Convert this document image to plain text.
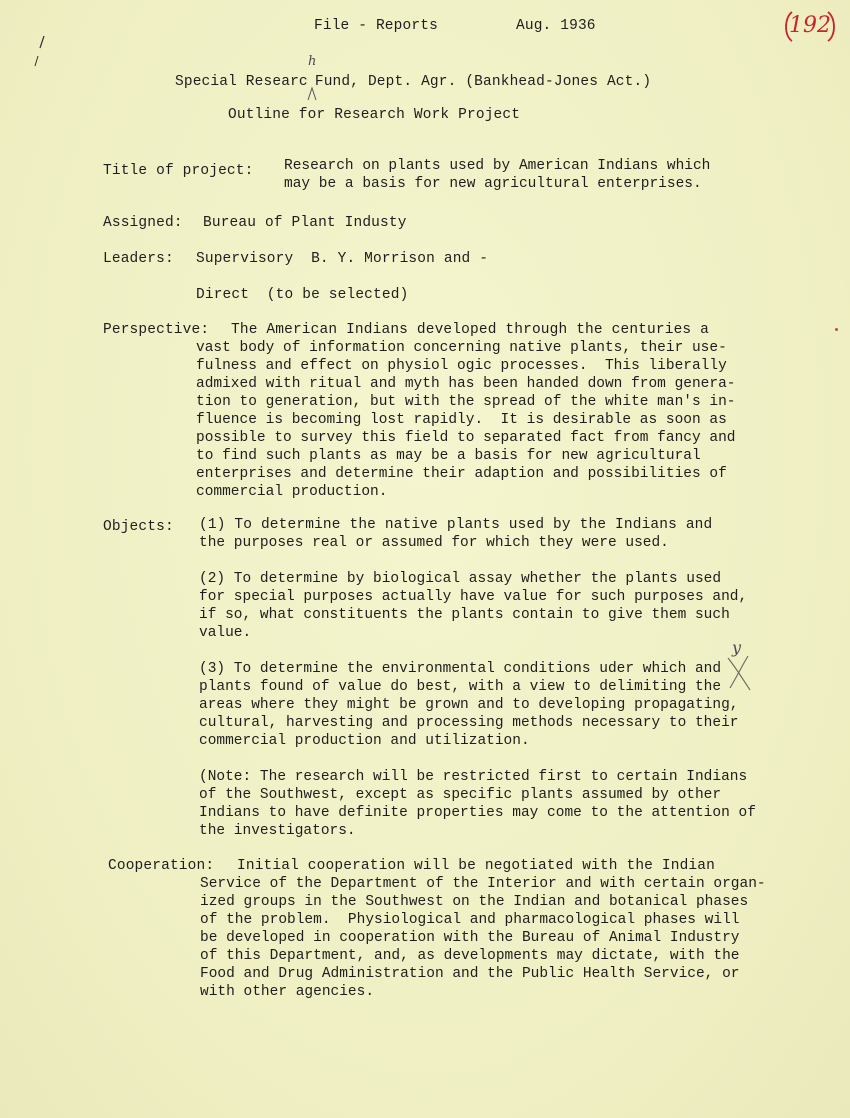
File - Reports	Aug. 1936	192
h
Special Researc
Fund, Dept. Agr. (Bankhead-Jones Act.)
Outline for Research Work Project
Title of project: Research on plants used by American Indians which
may be a basis for new agricultural enterprises.
Assigned: Bureau of Plant Industy
Leaders: Supervisory  B. Y. Morrison and -
Direct  (to be selected)
Perspective: The American Indians developed through the centuries a
vast body of information concerning native plants, their use-
fulness and effect on physiol ogic processes.  This liberally
admixed with ritual and myth has been handed down from genera-
tion to generation, but with the spread of the white man's in-
fluence is becoming lost rapidly.  It is desirable as soon as
possible to survey this field to separated fact from fancy and
to find such plants as may be a basis for new agricultural
enterprises and determine their adaption and possibilities of
commercial production.
Objects: (1) To determine the native plants used by the Indians and
the purposes real or assumed for which they were used.
(2) To determine by biological assay whether the plants used
for special purposes actually have value for such purposes and,
if so, what constituents the plants contain to give them such
value.
(3) To determine the environmental conditions uder which and
plants found of value do best, with a view to delimiting the
areas where they might be grown and to developing propagating,
cultural, harvesting and processing methods necessary to their
commercial production and utilization.
y
(Note: The research will be restricted first to certain Indians
of the Southwest, except as specific plants assumed by other
Indians to have definite properties may come to the attention of
the investigators.
Cooperation: Initial cooperation will be negotiated with the Indian
Service of the Department of the Interior and with certain organ-
ized groups in the Southwest on the Indian and botanical phases
of the problem.  Physiological and pharmacological phases will
be developed in cooperation with the Bureau of Animal Industry
of this Department, and, as developments may dictate, with the
Food and Drug Administration and the Public Health Service, or
with other agencies.
